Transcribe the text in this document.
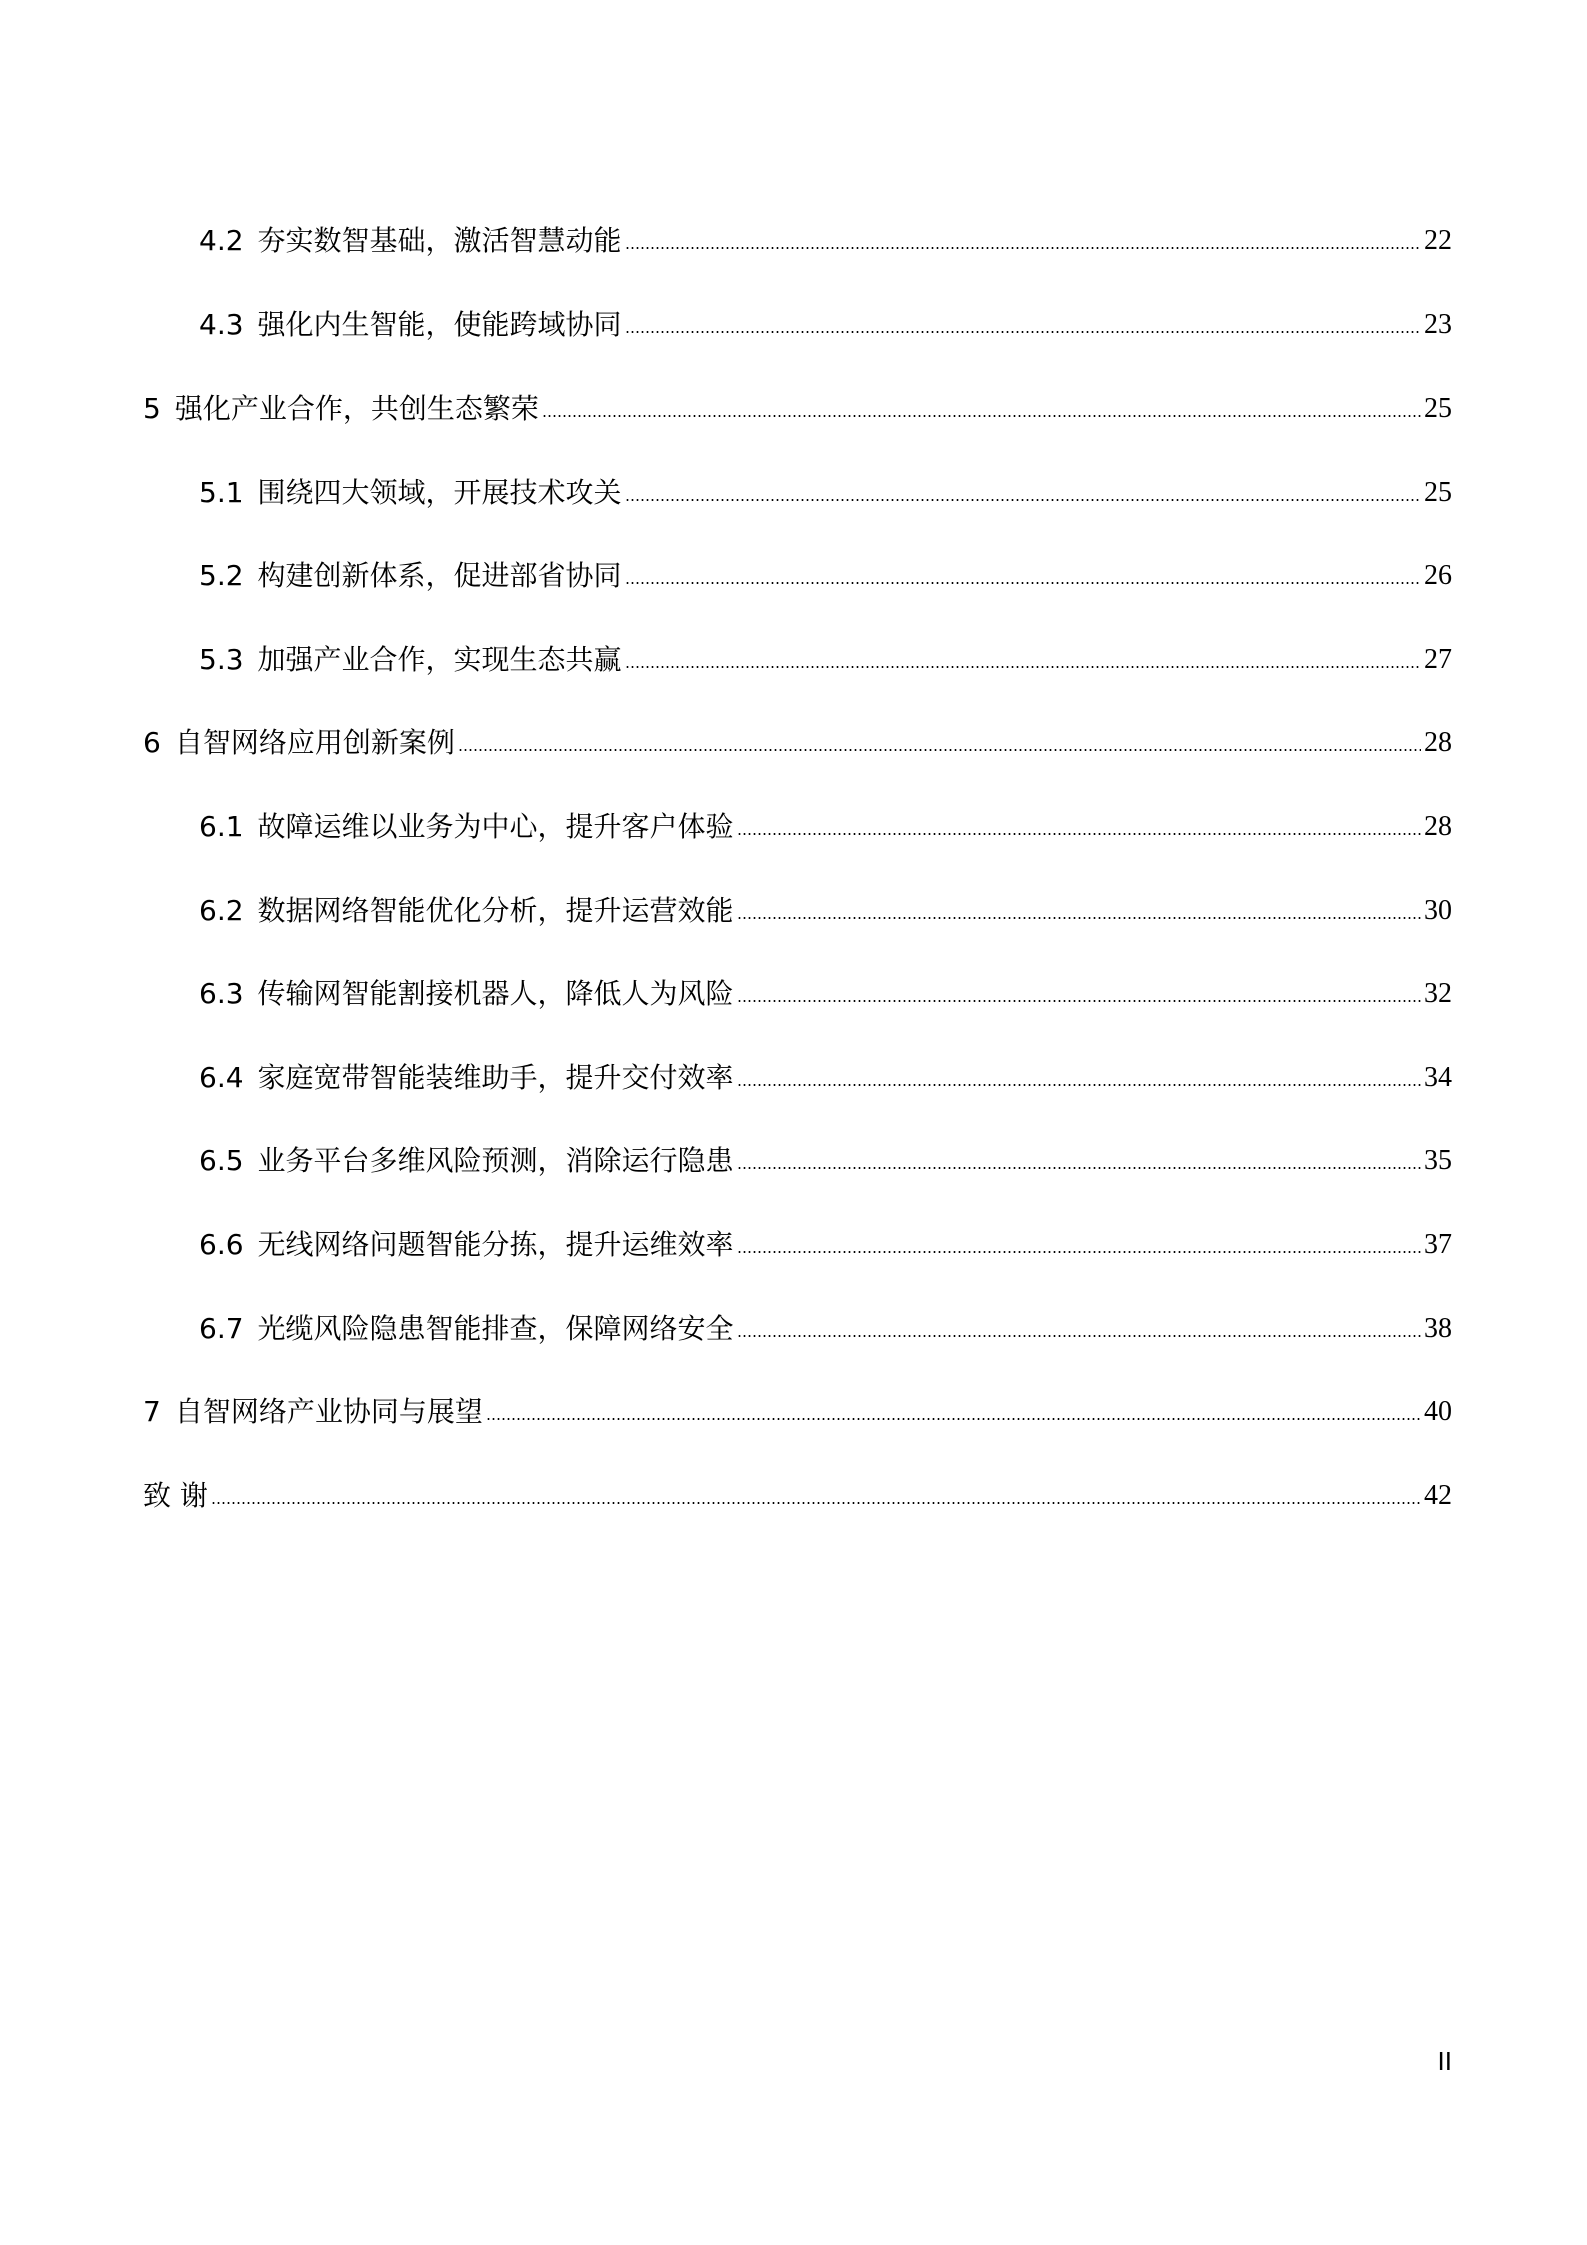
4.2 夯实数智基础，激活智慧动能	22
4.3 强化内生智能，使能跨域协同	23
5 强化产业合作，共创生态繁荣	25
5.1 围绕四大领域，开展技术攻关	25
5.2 构建创新体系，促进部省协同	26
5.3 加强产业合作，实现生态共赢	27
6 自智网络应用创新案例	28
6.1 故障运维以业务为中心，提升客户体验	28
6.2 数据网络智能优化分析，提升运营效能	30
6.3 传输网智能割接机器人，降低人为风险	32
6.4 家庭宽带智能装维助手，提升交付效率	34
6.5 业务平台多维风险预测，消除运行隐患	35
6.6 无线网络问题智能分拣，提升运维效率	37
6.7 光缆风险隐患智能排查，保障网络安全	38
7 自智网络产业协同与展望	40
致 谢	42
II
